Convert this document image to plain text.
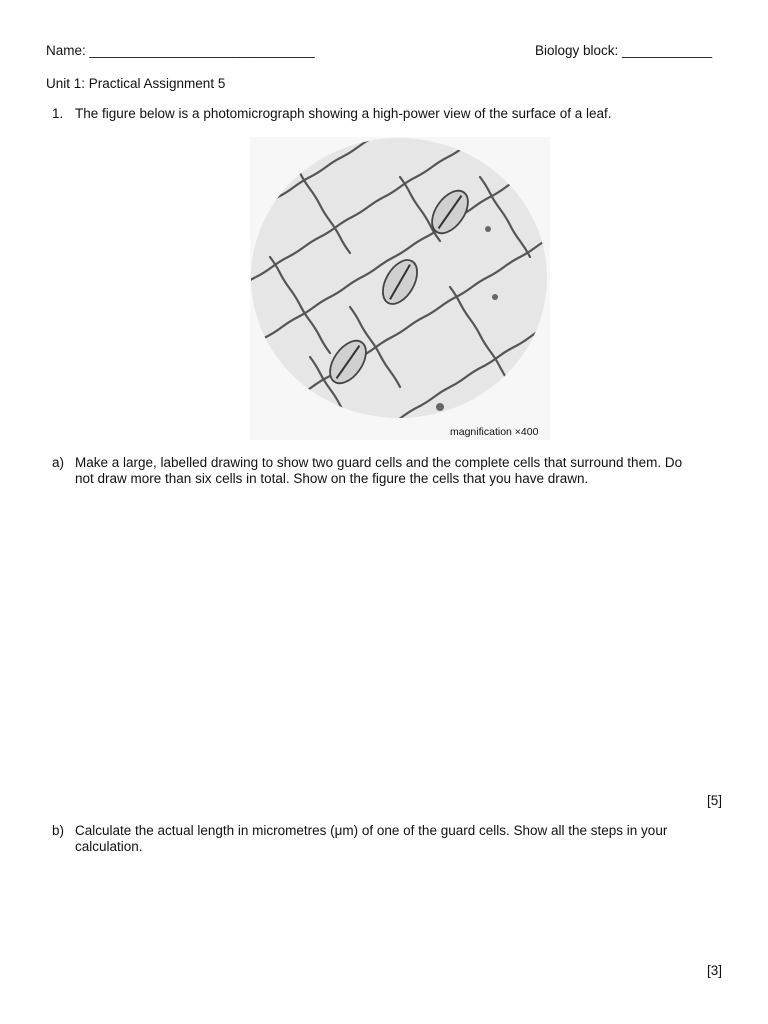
Name: ______________________________	Biology block: ____________
Unit 1: Practical Assignment 5
1. The figure below is a photomicrograph showing a high-power view of the surface of a leaf.
magnification ×400
a) Make a large, labelled drawing to show two guard cells and the complete cells that surround them. Do
not draw more than six cells in total. Show on the figure the cells that you have drawn.
[5]
b) Calculate the actual length in micrometres (μm) of one of the guard cells. Show all the steps in your
calculation.
[3]
